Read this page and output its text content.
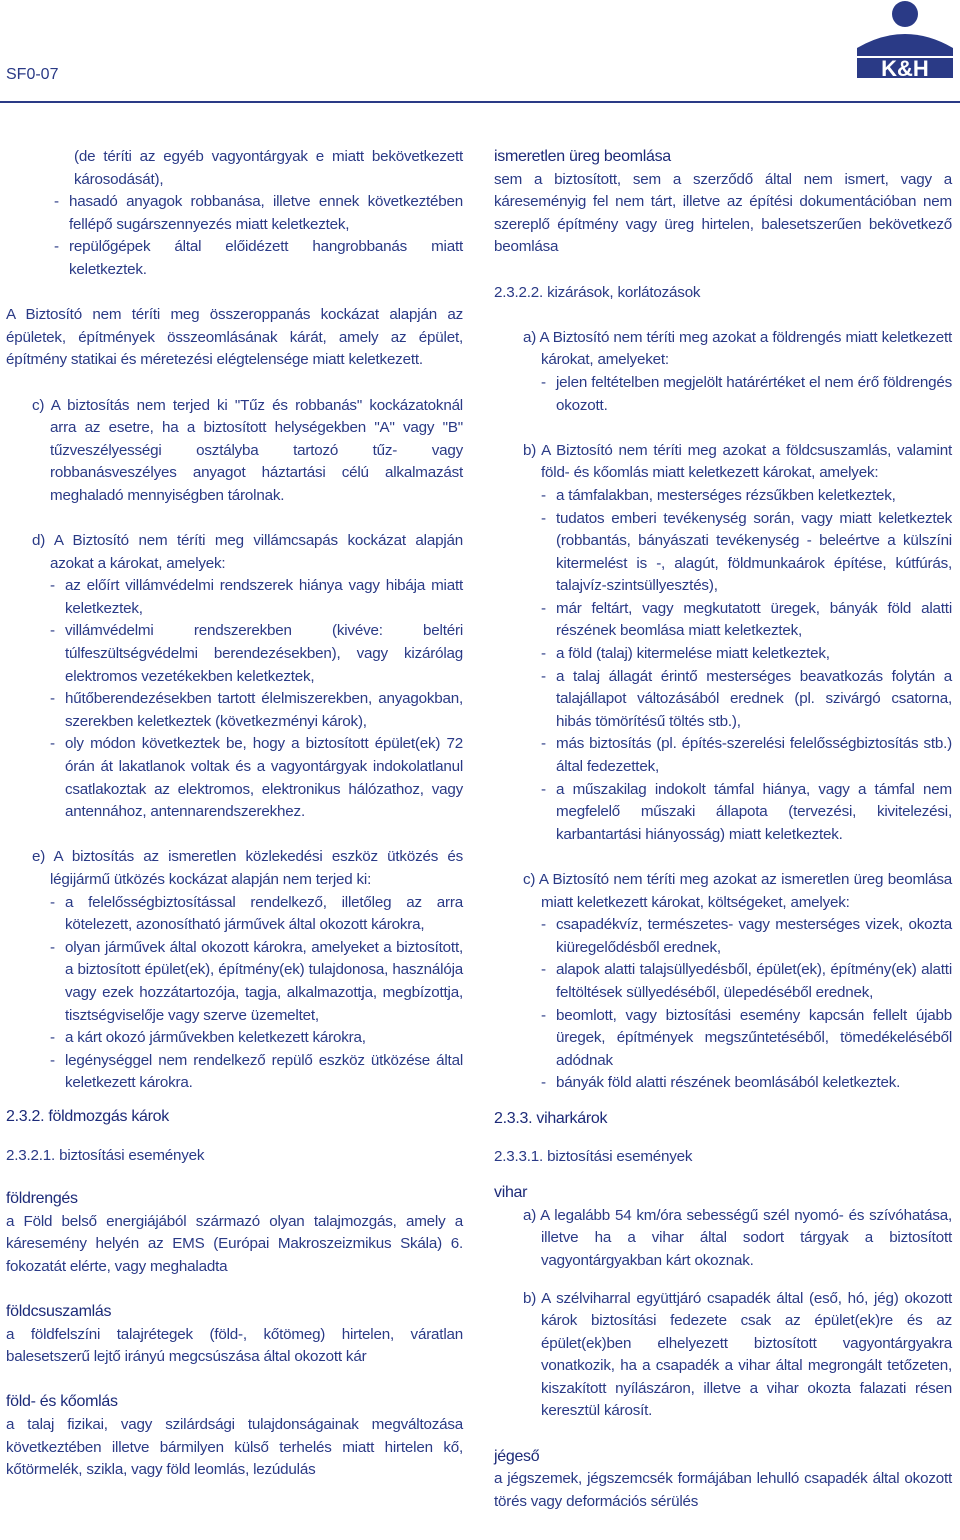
SF0-07	K&H

(de téríti az egyéb vagyontárgyak e miatt bekövetkezett károsodását),

- hasadó anyagok robbanása, illetve ennek következtében fellépő sugárszennyezés miatt keletkeztek,
- repülőgépek által előidézett hangrobbanás miatt keletkeztek.

A Biztosító nem téríti meg összeroppanás kockázat alapján az épületek, építmények összeomlásának kárát, amely az épület, építmény statikai és méretezési elégtelensége miatt keletkezett.

c) A biztosítás nem terjed ki "Tűz és robbanás" kockázatoknál arra az esetre, ha a biztosított helységekben "A" vagy "B" tűzveszélyességi osztályba tartozó tűz- vagy robbanásveszélyes anyagot háztartási célú alkalmazást meghaladó mennyiségben tárolnak.

d) A Biztosító nem téríti meg villámcsapás kockázat alapján azokat a károkat, amelyek:

- az előírt villámvédelmi rendszerek hiánya vagy hibája miatt keletkeztek,
- villámvédelmi rendszerekben (kivéve: beltéri túlfeszültségvédelmi berendezésekben), vagy kizárólag elektromos vezetékekben keletkeztek,
- hűtőberendezésekben tartott élelmiszerekben, anyagokban, szerekben keletkeztek (következményi károk),
- oly módon következtek be, hogy a biztosított épület(ek) 72 órán át lakatlanok voltak és a vagyontárgyak indokolatlanul csatlakoztak az elektromos, elektronikus hálózathoz, vagy antennához, antennarendszerekhez.

e) A biztosítás az ismeretlen közlekedési eszköz ütközés és légijármű ütközés kockázat alapján nem terjed ki:

- a felelősségbiztosítással rendelkező, illetőleg az arra kötelezett, azonosítható járművek által okozott károkra,
- olyan járművek által okozott károkra, amelyeket a biztosított, a biztosított épület(ek), építmény(ek) tulajdonosa, használója vagy ezek hozzátartozója, tagja, alkalmazottja, megbízottja, tisztségviselője vagy szerve üzemeltet,
- a kárt okozó járművekben keletkezett károkra,
- legénységgel nem rendelkező repülő eszköz ütközése által keletkezett károkra.
2.3.2. földmozgás károk
2.3.2.1. biztosítási események
földrengés

a Föld belső energiájából származó olyan talajmozgás, amely a káresemény helyén az EMS (Európai Makroszeizmikus Skála) 6. fokozatát elérte, vagy meghaladta

földcsuszamlás

a földfelszíni talajrétegek (föld-, kőtömeg) hirtelen, váratlan balesetszerű lejtő irányú megcsúszása által okozott kár

föld- és kőomlás

a talaj fizikai, vagy szilárdsági tulajdonságainak megváltozása következtében illetve bármilyen külső terhelés miatt hirtelen kő, kőtörmelék, szikla, vagy föld leomlás, lezúdulás

ismeretlen üreg beomlása

sem a biztosított, sem a szerződő által nem ismert, vagy a káreseményig fel nem tárt, illetve az építési dokumentációban nem szereplő építmény vagy üreg hirtelen, balesetszerűen bekövetkező beomlása

2.3.2.2. kizárások, korlátozások

a) A Biztosító nem téríti meg azokat a földrengés miatt keletkezett károkat, amelyeket:

- jelen feltételben megjelölt határértéket el nem érő földrengés okozott.

b) A Biztosító nem téríti meg azokat a földcsuszamlás, valamint föld- és kőomlás miatt keletkezett károkat, amelyek:

- a támfalakban, mesterséges rézsűkben keletkeztek,
- tudatos emberi tevékenység során, vagy miatt keletkeztek (robbantás, bányászati tevékenység - beleértve a külszíni kitermelést is -, alagút, földmunkaárok építése, kútfúrás, talajvíz-szintsüllyesztés),
- már feltárt, vagy megkutatott üregek, bányák föld alatti részének beomlása miatt keletkeztek,
- a föld (talaj) kitermelése miatt keletkeztek,
- a talaj állagát érintő mesterséges beavatkozás folytán a talajállapot változásából erednek (pl. szivárgó csatorna, hibás tömörítésű töltés stb.),
- más biztosítás (pl. építés-szerelési felelősségbiztosítás stb.) által fedezettek,
- a műszakilag indokolt támfal hiánya, vagy a támfal nem megfelelő műszaki állapota (tervezési, kivitelezési, karbantartási hiányosság) miatt keletkeztek.

c) A Biztosító nem téríti meg azokat az ismeretlen üreg beomlása miatt keletkezett károkat, költségeket, amelyek:

- csapadékvíz, természetes- vagy mesterséges vizek, okozta kiüregelődésből erednek,
- alapok alatti talajsüllyedésből, épület(ek), építmény(ek) alatti feltöltések süllyedéséből, ülepedéséből erednek,
- beomlott, vagy biztosítási esemény kapcsán fellelt újabb üregek, építmények megszűntetéséből, tömedékeléséből adódnak
- bányák föld alatti részének beomlásából keletkeztek.
2.3.3. viharkárok
2.3.3.1. biztosítási események
vihar

a) A legalább 54 km/óra sebességű szél nyomó- és szívóhatása, illetve ha a vihar által sodort tárgyak a biztosított vagyontárgyakban kárt okoznak.

b) A szélviharral együttjáró csapadék által (eső, hó, jég) okozott károk biztosítási fedezete csak az épület(ek)re és az épület(ek)ben elhelyezett biztosított vagyontárgyakra vonatkozik, ha a csapadék a vihar által megrongált tetőzeten, kiszakított nyílászáron, illetve a vihar okozta falazati résen keresztül károsít.

jégeső

a jégszemek, jégszemcsék formájában lehulló csapadék által okozott törés vagy deformációs sérülés
